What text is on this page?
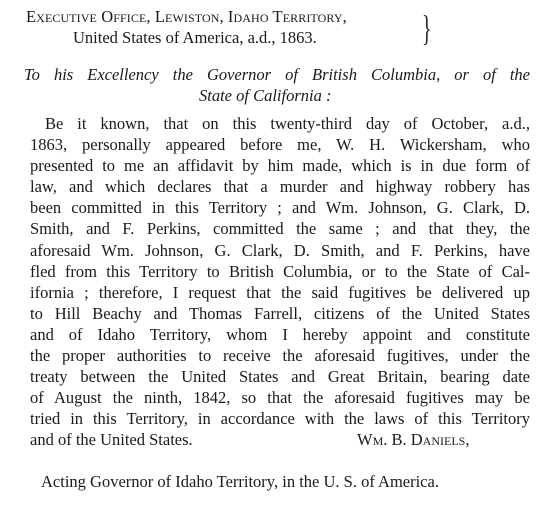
Executive Office, Lewiston, Idaho Territory,
United States of America, a.d., 1863.	}
To his Excellency the Governor of British Columbia, or of the
State of California :
Be it known, that on this twenty-third day of October, a.d.,
1863, personally appeared before me, W. H. Wickersham, who
presented to me an affidavit by him made, which is in due form of
law, and which declares that a murder and highway robbery has
been committed in this Territory ; and Wm. Johnson, G. Clark, D.
Smith, and F. Perkins, committed the same ; and that they, the
aforesaid Wm. Johnson, G. Clark, D. Smith, and F. Perkins, have
fled from this Territory to British Columbia, or to the State of Cal-
ifornia ; therefore, I request that the said fugitives be delivered up
to Hill Beachy and Thomas Farrell, citizens of the United States
and of Idaho Territory, whom I hereby appoint and constitute
the proper authorities to receive the aforesaid fugitives, under the
treaty between the United States and Great Britain, bearing date
of August the ninth, 1842, so that the aforesaid fugitives may be
tried in this Territory, in accordance with the laws of this Territory
and of the United States.	Wm. B. Daniels,
Acting Governor of Idaho Territory, in the U. S. of America.
